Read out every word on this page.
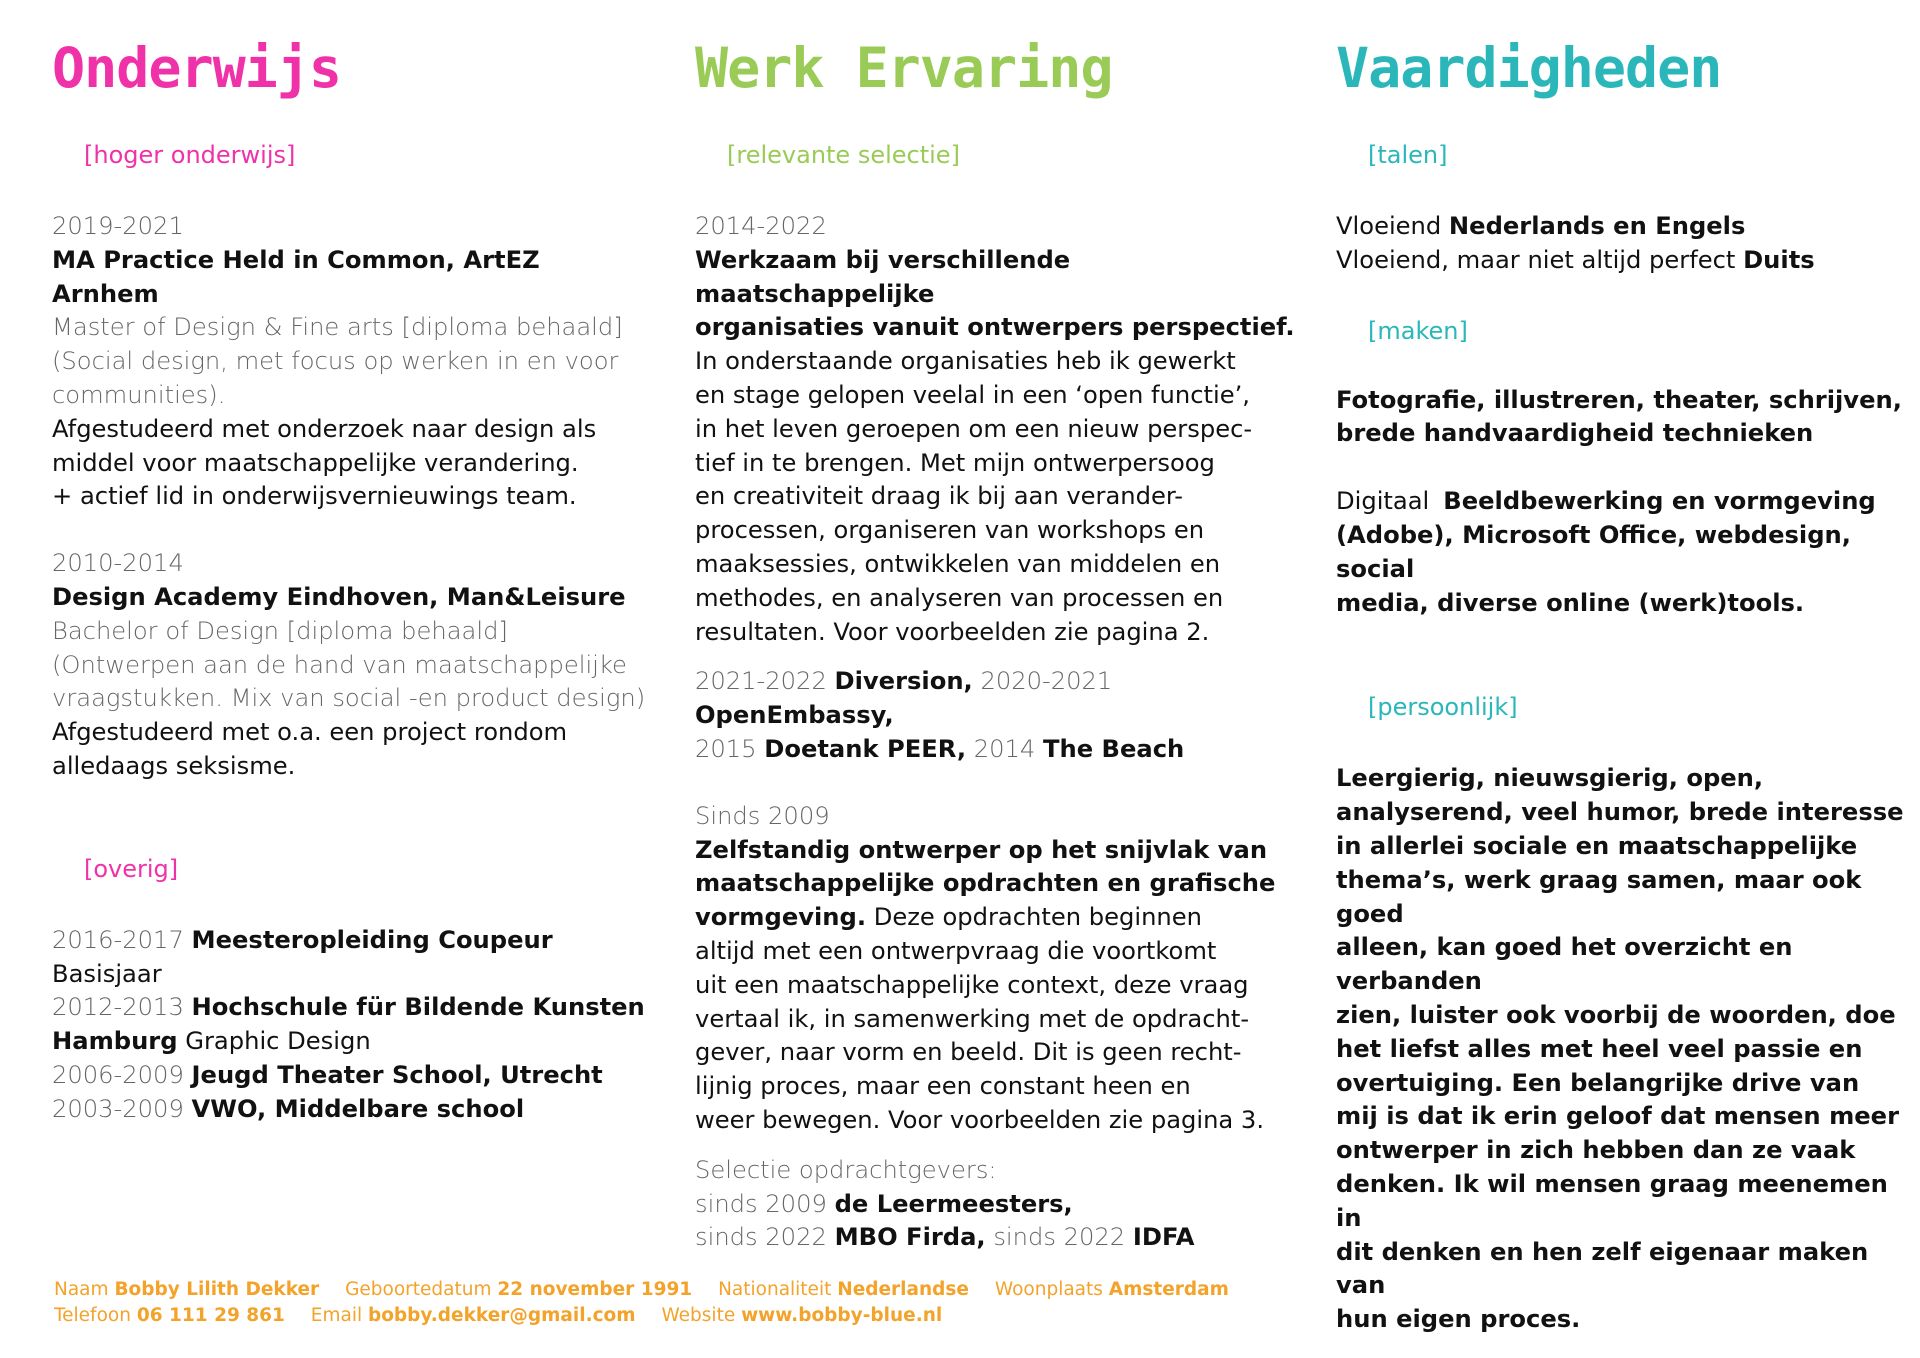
Onderwijs
[hoger onderwijs]
2019-2021
MA Practice Held in Common, ArtEZ Arnhem
Master of Design & Fine arts [diploma behaald]
(Social design, met focus op werken in en voor
communities).
Afgestudeerd met onderzoek naar design als
middel voor maatschappelijke verandering.
+ actief lid in onderwijsvernieuwings team.
2010-2014
Design Academy Eindhoven, Man&Leisure
Bachelor of Design [diploma behaald]
(Ontwerpen aan de hand van maatschappelijke
vraagstukken. Mix van social -en product design)
Afgestudeerd met o.a. een project rondom
alledaags seksisme.
[overig]
2016-2017 Meesteropleiding Coupeur Basisjaar
2012-2013 Hochschule für Bildende Kunsten
Hamburg Graphic Design
2006-2009 Jeugd Theater School, Utrecht
2003-2009 VWO, Middelbare school
Werk Ervaring
[relevante selectie]
2014-2022
Werkzaam bij verschillende maatschappelijke
organisaties vanuit ontwerpers perspectief.
In onderstaande organisaties heb ik gewerkt
en stage gelopen veelal in een ‘open functie’,
in het leven geroepen om een nieuw perspec-
tief in te brengen. Met mijn ontwerpersoog
en creativiteit draag ik bij aan verander-
processen, organiseren van workshops en
maaksessies, ontwikkelen van middelen en
methodes, en analyseren van processen en
resultaten. Voor voorbeelden zie pagina 2.
2021-2022 Diversion, 2020-2021 OpenEmbassy,
2015 Doetank PEER, 2014 The Beach
Sinds 2009
Zelfstandig ontwerper op het snijvlak van
maatschappelijke opdrachten en grafische
vormgeving. Deze opdrachten beginnen
altijd met een ontwerpvraag die voortkomt
uit een maatschappelijke context, deze vraag
vertaal ik, in samenwerking met de opdracht-
gever, naar vorm en beeld. Dit is geen recht-
lijnig proces, maar een constant heen en
weer bewegen. Voor voorbeelden zie pagina 3.
Selectie opdrachtgevers:
sinds 2009 de Leermeesters,
sinds 2022 MBO Firda, sinds 2022 IDFA
Vaardigheden
[talen]
Vloeiend Nederlands en Engels
Vloeiend, maar niet altijd perfect Duits
[maken]
Fotografie, illustreren, theater, schrijven,
brede handvaardigheid technieken
Digitaal Beeldbewerking en vormgeving
(Adobe), Microsoft Office, webdesign, social
media, diverse online (werk)tools.
[persoonlijk]
Leergierig, nieuwsgierig, open,
analyserend, veel humor, brede interesse
in allerlei sociale en maatschappelijke
thema’s, werk graag samen, maar ook goed
alleen, kan goed het overzicht en verbanden
zien, luister ook voorbij de woorden, doe
het liefst alles met heel veel passie en
overtuiging. Een belangrijke drive van
mij is dat ik erin geloof dat mensen meer
ontwerper in zich hebben dan ze vaak
denken. Ik wil mensen graag meenemen in
dit denken en hen zelf eigenaar maken van
hun eigen proces.
Naam Bobby Lilith Dekker Geboortedatum 22 november 1991 Nationaliteit Nederlandse Woonplaats Amsterdam
Telefoon 06 111 29 861 Email bobby.dekker@gmail.com Website www.bobby-blue.nl
